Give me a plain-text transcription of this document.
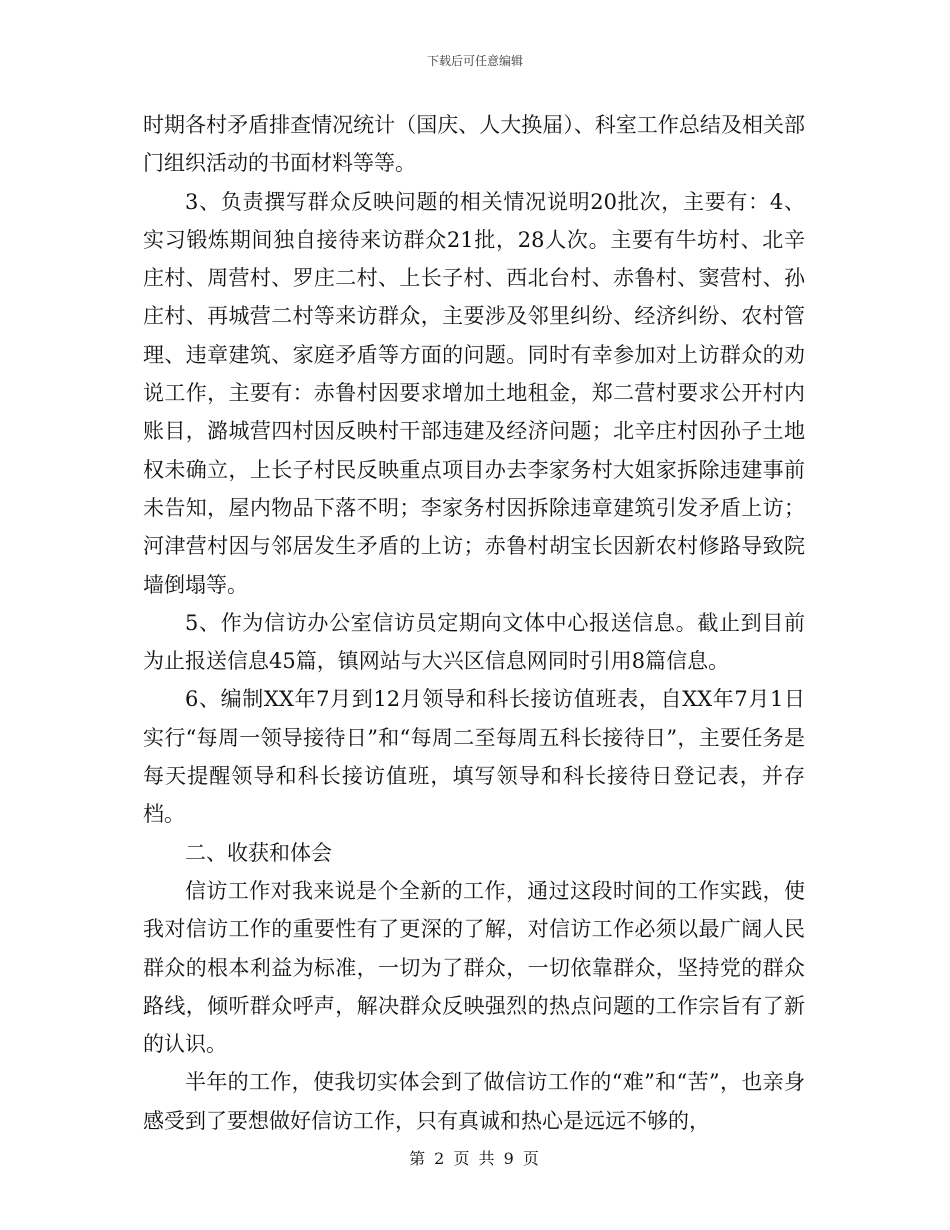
下载后可任意编辑

时期各村矛盾排查情况统计（国庆、人大换届）、科室工作总结及相关部门组织活动的书面材料等等。

3、负责撰写群众反映问题的相关情况说明20批次，主要有：4、实习锻炼期间独自接待来访群众21批，28人次。主要有牛坊村、北辛庄村、周营村、罗庄二村、上长子村、西北台村、赤鲁村、窦营村、孙庄村、再城营二村等来访群众，主要涉及邻里纠纷、经济纠纷、农村管理、违章建筑、家庭矛盾等方面的问题。同时有幸参加对上访群众的劝说工作，主要有：赤鲁村因要求增加土地租金，郑二营村要求公开村内账目，潞城营四村因反映村干部违建及经济问题；北辛庄村因孙子土地权未确立，上长子村民反映重点项目办去李家务村大姐家拆除违建事前未告知，屋内物品下落不明；李家务村因拆除违章建筑引发矛盾上访；河津营村因与邻居发生矛盾的上访；赤鲁村胡宝长因新农村修路导致院墙倒塌等。

5、作为信访办公室信访员定期向文体中心报送信息。截止到目前为止报送信息45篇，镇网站与大兴区信息网同时引用8篇信息。

6、编制XX年7月到12月领导和科长接访值班表，自XX年7月1日实行“每周一领导接待日”和“每周二至每周五科长接待日”，主要任务是每天提醒领导和科长接访值班，填写领导和科长接待日登记表，并存档。

二、收获和体会

信访工作对我来说是个全新的工作，通过这段时间的工作实践，使我对信访工作的重要性有了更深的了解，对信访工作必须以最广阔人民群众的根本利益为标准，一切为了群众，一切依靠群众，坚持党的群众路线，倾听群众呼声，解决群众反映强烈的热点问题的工作宗旨有了新的认识。

半年的工作，使我切实体会到了做信访工作的“难”和“苦”，也亲身感受到了要想做好信访工作，只有真诚和热心是远远不够的，

第 2 页 共 9 页
